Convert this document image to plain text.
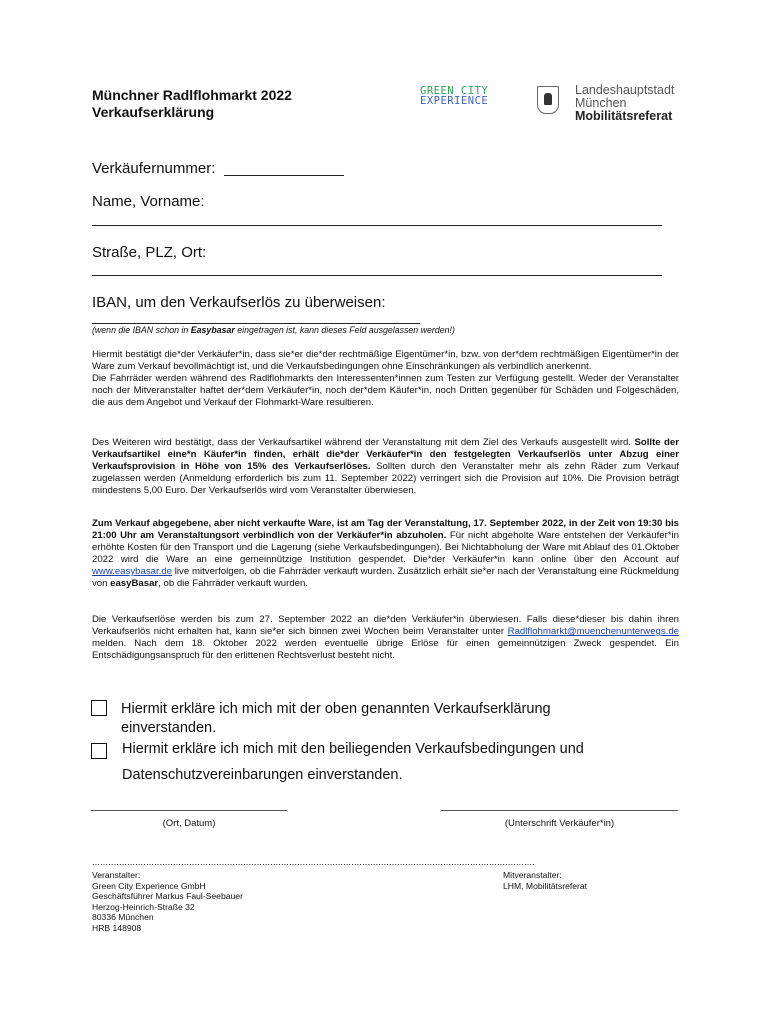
Münchner Radlflohmarkt 2022
Verkaufserklärung
GREEN CITY
EXPERIENCE
Landeshauptstadt
München
Mobilitätsreferat
Verkäufernummer:
Name, Vorname:
Straße, PLZ, Ort:
IBAN, um den Verkaufserlös zu überweisen:
(wenn die IBAN schon in Easybasar eingetragen ist, kann dieses Feld ausgelassen werden!)

Hiermit bestätigt die*der Verkäufer*in, dass sie*er die*der rechtmäßige Eigentümer*in, bzw. von der*dem rechtmäßigen Eigentümer*in der Ware zum Verkauf bevollmächtigt ist, und die Verkaufsbedingungen ohne Einschränkungen als verbindlich anerkennt.

Die Fahrräder werden während des Radlflohmarkts den Interessenten*innen zum Testen zur Verfügung gestellt. Weder der Veranstalter noch der Mitveranstalter haftet der*dem Verkäufer*in, noch der*dem Käufer*in, noch Dritten gegenüber für Schäden und Folgeschäden, die aus dem Angebot und Verkauf der Flohmarkt-Ware resultieren.

Des Weiteren wird bestätigt, dass der Verkaufsartikel während der Veranstaltung mit dem Ziel des Verkaufs ausgestellt wird. Sollte der Verkaufsartikel eine*n Käufer*in finden, erhält die*der Verkäufer*in den festgelegten Verkaufserlös unter Abzug einer Verkaufsprovision in Höhe von 15% des Verkaufserlöses. Sollten durch den Veranstalter mehr als zehn Räder zum Verkauf zugelassen werden (Anmeldung erforderlich bis zum 11. September 2022) verringert sich die Provision auf 10%. Die Provision beträgt mindestens 5,00 Euro. Der Verkaufserlös wird vom Veranstalter überwiesen.

Zum Verkauf abgegebene, aber nicht verkaufte Ware, ist am Tag der Veranstaltung, 17. September 2022, in der Zeit von 19:30 bis 21:00 Uhr am Veranstaltungsort verbindlich von der Verkäufer*in abzuholen. Für nicht abgeholte Ware entstehen der Verkäufer*in erhöhte Kosten für den Transport und die Lagerung (siehe Verkaufsbedingungen). Bei Nichtabholung der Ware mit Ablauf des 01.Oktober 2022 wird die Ware an eine gemeinnützige Institution gespendet. Die*der Verkäufer*in kann online über den Account auf www.easybasar.de live mitverfolgen, ob die Fahrräder verkauft wurden. Zusätzlich erhält sie*er nach der Veranstaltung eine Rückmeldung von easyBasar, ob die Fahrräder verkauft wurden.

Die Verkaufserlöse werden bis zum 27. September 2022 an die*den Verkäufer*in überwiesen. Falls diese*dieser bis dahin ihren Verkaufserlös nicht erhalten hat, kann sie*er sich binnen zwei Wochen beim Veranstalter unter Radlflohmarkt@muenchenunterwegs.de melden. Nach dem 18. Oktober 2022 werden eventuelle übrige Erlöse für einen gemeinnützigen Zweck gespendet. Ein Entschädigungsanspruch für den erlittenen Rechtsverlust besteht nicht.

Hiermit erkläre ich mich mit der oben genannten Verkaufserklärung
einverstanden.
Hiermit erkläre ich mich mit den beiliegenden Verkaufsbedingungen und
Datenschutzvereinbarungen einverstanden.
(Ort, Datum)	(Unterschrift Verkäufer*in)
....................................................................................................................................................................
Veranstalter:
Green City Experience GmbH
Geschäftsführer Markus Faul-Seebauer
Herzog-Heinrich-Straße 32
80336 München
HRB 148908
Mitveranstalter:
LHM, Mobilitätsreferat
